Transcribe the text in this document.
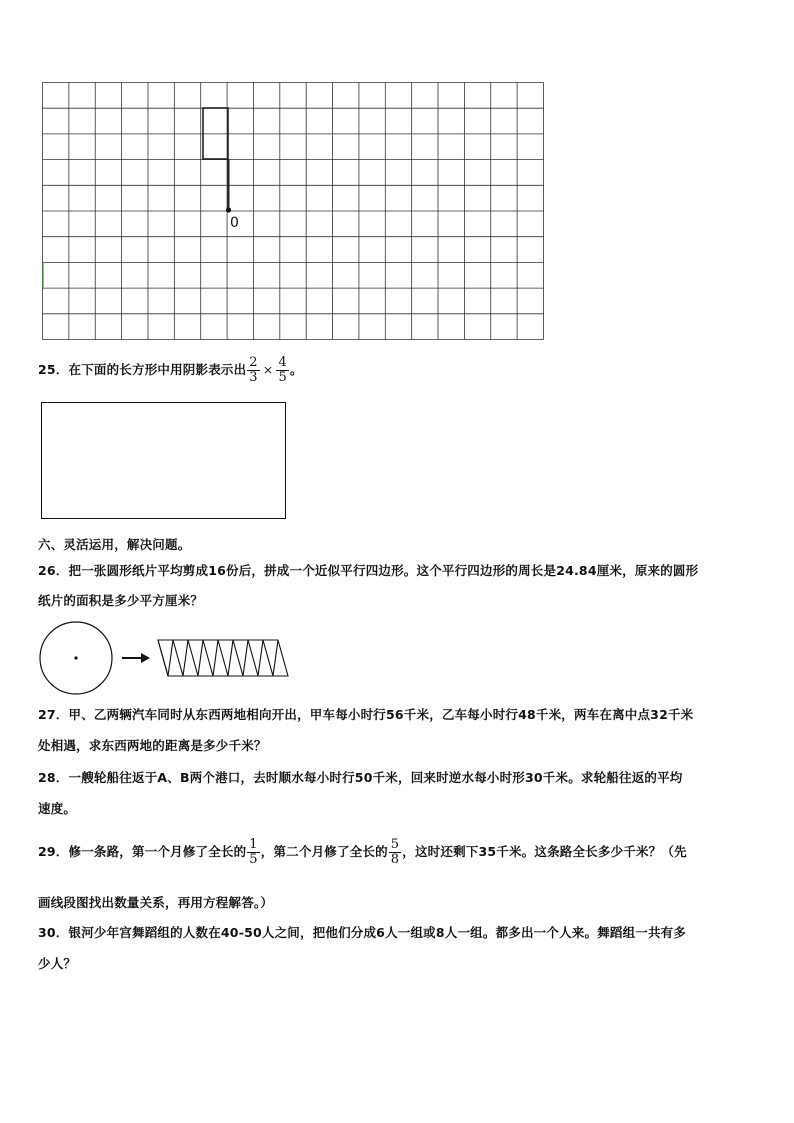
0
25．在下面的长方形中用阴影表示出 $\frac{2}{3} \times \frac{4}{5}$ 。
六、灵活运用，解决问题。
26．把一张圆形纸片平均剪成16份后，拼成一个近似平行四边形。这个平行四边形的周长是24.84厘米，原来的圆形
纸片的面积是多少平方厘米？
27．甲、乙两辆汽车同时从东西两地相向开出，甲车每小时行56千米，乙车每小时行48千米，两车在离中点32千米
处相遇，求东西两地的距离是多少千米？
28．一艘轮船往返于A、B两个港口，去时顺水每小时行50千米，回来时逆水每小时形30千米。求轮船往返的平均
速度。
29．修一条路，第一个月修了全长的 $\frac{1}{5}$ ，第二个月修了全长的 $\frac{5}{8}$ ，这时还剩下35千米。这条路全长多少千米？（先
画线段图找出数量关系，再用方程解答。）
30．银河少年宫舞蹈组的人数在40-50人之间，把他们分成6人一组或8人一组。都多出一个人来。舞蹈组一共有多
少人？
